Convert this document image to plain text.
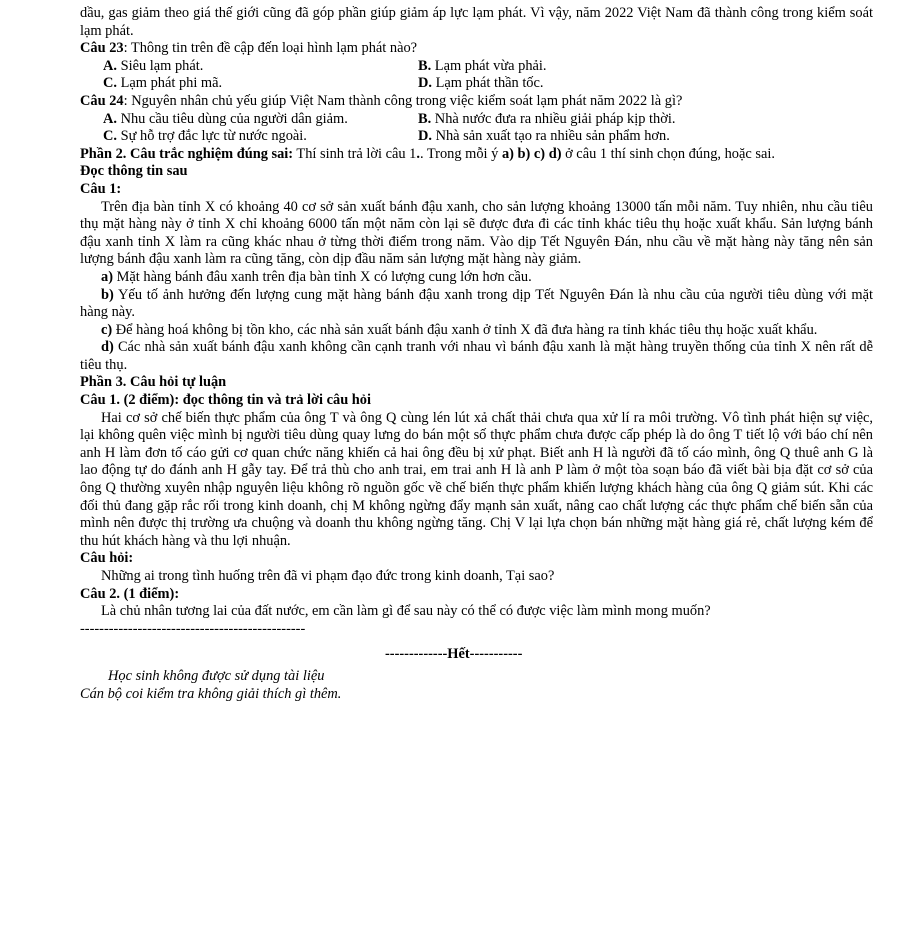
dầu, gas giảm theo giá thế giới cũng đã góp phần giúp giảm áp lực lạm phát. Vì vậy, năm 2022 Việt Nam đã thành công trong kiểm soát lạm phát.

Câu 23: Thông tin trên đề cập đến loại hình lạm phát nào?

A. Siêu lạm phát.	B. Lạm phát vừa phải.
C. Lạm phát phi mã.	D. Lạm phát thần tốc.

Câu 24: Nguyên nhân chủ yếu giúp Việt Nam thành công trong việc kiểm soát lạm phát năm 2022 là gì?

A. Nhu cầu tiêu dùng của người dân giảm.	B. Nhà nước đưa ra nhiều giải pháp kịp thời.
C. Sự hỗ trợ đắc lực từ nước ngoài.	D. Nhà sản xuất tạo ra nhiều sản phẩm hơn.

Phần 2. Câu trắc nghiệm đúng sai: Thí sinh trả lời câu 1.. Trong mỗi ý a) b) c) d) ở câu 1 thí sinh chọn đúng, hoặc sai.

Đọc thông tin sau

Câu 1:

Trên địa bàn tỉnh X có khoảng 40 cơ sở sản xuất bánh đậu xanh, cho sản lượng khoảng 13000 tấn mỗi năm. Tuy nhiên, nhu cầu tiêu thụ mặt hàng này ở tỉnh X chỉ khoảng 6000 tấn một năm còn lại sẽ được đưa đi các tỉnh khác tiêu thụ hoặc xuất khẩu. Sản lượng bánh đậu xanh tỉnh X làm ra cũng khác nhau ở từng thời điểm trong năm. Vào dịp Tết Nguyên Đán, nhu cầu về mặt hàng này tăng nên sản lượng bánh đậu xanh làm ra cũng tăng, còn dịp đầu năm sản lượng mặt hàng này giảm.

a) Mặt hàng bánh đâu xanh trên địa bàn tỉnh X có lượng cung lớn hơn cầu.

b) Yếu tố ảnh hưởng đến lượng cung mặt hàng bánh đậu xanh trong dịp Tết Nguyên Đán là nhu cầu của người tiêu dùng với mặt hàng này.

c) Để hàng hoá không bị tồn kho, các nhà sản xuất bánh đậu xanh ở tỉnh X đã đưa hàng ra tỉnh khác tiêu thụ hoặc xuất khẩu.

d) Các nhà sản xuất bánh đậu xanh không cần cạnh tranh với nhau vì bánh đậu xanh là mặt hàng truyền thống của tỉnh X nên rất dễ tiêu thụ.

Phần 3. Câu hỏi tự luận

Câu 1. (2 điểm): đọc thông tin và trả lời câu hỏi

Hai cơ sở chế biến thực phẩm của ông T và ông Q cùng lén lút xả chất thải chưa qua xử lí ra môi trường. Vô tình phát hiện sự việc, lại không quên việc mình bị người tiêu dùng quay lưng do bán một số thực phẩm chưa được cấp phép là do ông T tiết lộ với báo chí nên anh H làm đơn tố cáo gửi cơ quan chức năng khiến cả hai ông đều bị xử phạt. Biết anh H là người đã tố cáo mình, ông Q thuê anh G là lao động tự do đánh anh H gẫy tay. Để trả thù cho anh trai, em trai anh H là anh P làm ở một tòa soạn báo đã viết bài bịa đặt cơ sở của ông Q thường xuyên nhập nguyên liệu không rõ nguồn gốc về chế biến thực phẩm khiến lượng khách hàng của ông Q giảm sút. Khi các đối thủ đang gặp rắc rối trong kinh doanh, chị M không ngừng đẩy mạnh sản xuất, nâng cao chất lượng các thực phẩm chế biến sẵn của mình nên được thị trường ưa chuộng và doanh thu không ngừng tăng. Chị V lại lựa chọn bán những mặt hàng giá rẻ, chất lượng kém để thu hút khách hàng và thu lợi nhuận.

Câu hỏi:

Những ai trong tình huống trên đã vi phạm đạo đức trong kinh doanh, Tại sao?

Câu 2. (1 điểm):

Là chủ nhân tương lai của đất nước, em cần làm gì để sau này có thể có được việc làm mình mong muốn?

-----------------------------------------------

-------------Hết-----------

Học sinh không được sử dụng tài liệu

Cán bộ coi kiểm tra không giải thích gì thêm.
